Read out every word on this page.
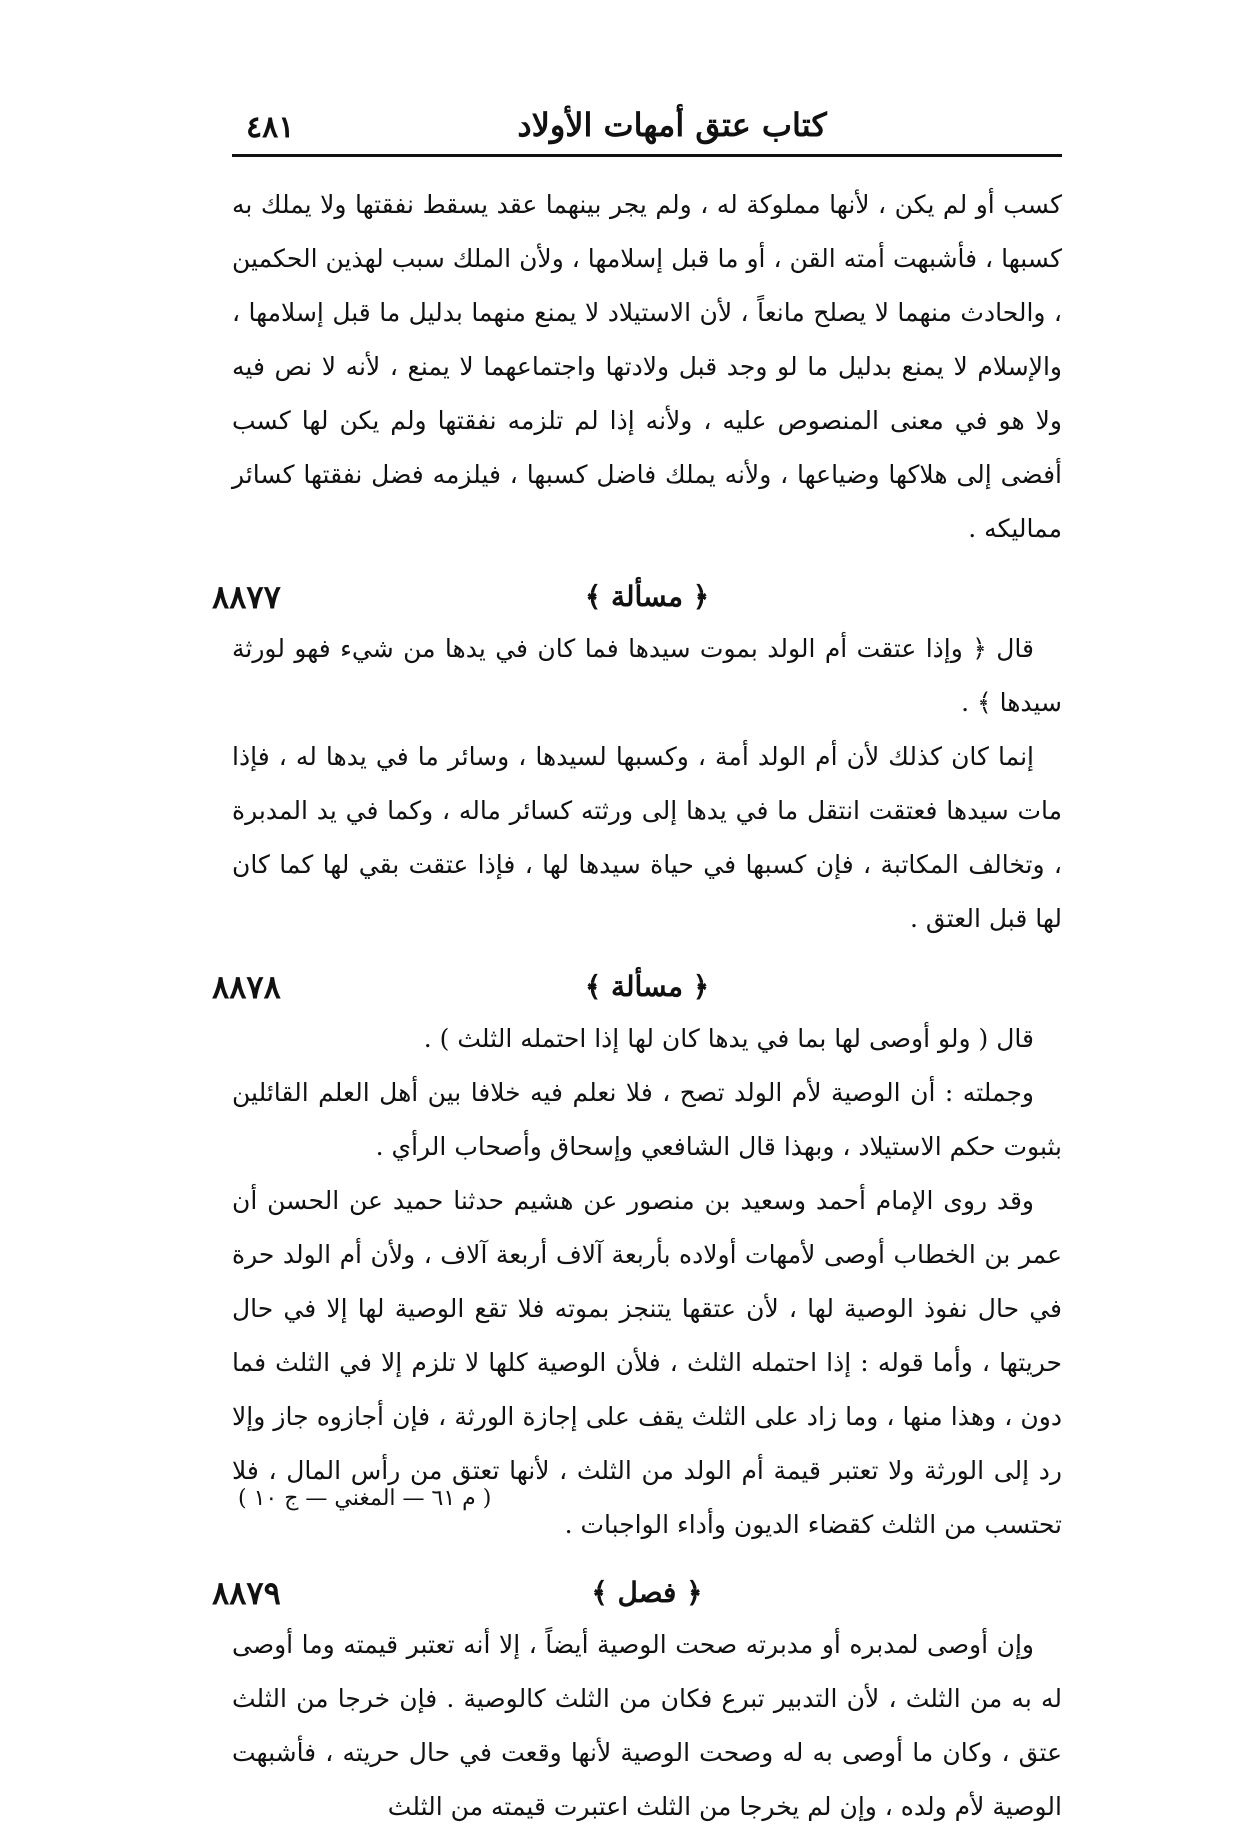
٤٨١	كتاب عتق أمهات الأولاد

كسب أو لم يكن ، لأنها مملوكة له ، ولم يجر بينهما عقد يسقط نفقتها ولا يملك به كسبها ، فأشبهت أمته القن ، أو ما قبل إسلامها ، ولأن الملك سبب لهذين الحكمين ، والحادث منهما لا يصلح مانعاً ، لأن الاستيلاد لا يمنع منهما بدليل ما قبل إسلامها ، والإسلام لا يمنع بدليل ما لو وجد قبل ولادتها واجتماعهما لا يمنع ، لأنه لا نص فيه ولا هو في معنى المنصوص عليه ، ولأنه إذا لم تلزمه نفقتها ولم يكن لها كسب أفضى إلى هلاكها وضياعها ، ولأنه يملك فاضل كسبها ، فيلزمه فضل نفقتها كسائر مماليكه .

٨٨٧٧	﴿ مسألة ﴾

قال ﴿ وإذا عتقت أم الولد بموت سيدها فما كان في يدها من شيء فهو لورثة سيدها ﴾ .

إنما كان كذلك لأن أم الولد أمة ، وكسبها لسيدها ، وسائر ما في يدها له ، فإذا مات سيدها فعتقت انتقل ما في يدها إلى ورثته كسائر ماله ، وكما في يد المدبرة ، وتخالف المكاتبة ، فإن كسبها في حياة سيدها لها ، فإذا عتقت بقي لها كما كان لها قبل العتق .

٨٨٧٨	﴿ مسألة ﴾

قال ( ولو أوصى لها بما في يدها كان لها إذا احتمله الثلث ) .

وجملته : أن الوصية لأم الولد تصح ، فلا نعلم فيه خلافا بين أهل العلم القائلين بثبوت حكم الاستيلاد ، وبهذا قال الشافعي وإسحاق وأصحاب الرأي .

وقد روى الإمام أحمد وسعيد بن منصور عن هشيم حدثنا حميد عن الحسن أن عمر بن الخطاب أوصى لأمهات أولاده بأربعة آلاف أربعة آلاف ، ولأن أم الولد حرة في حال نفوذ الوصية لها ، لأن عتقها يتنجز بموته فلا تقع الوصية لها إلا في حال حريتها ، وأما قوله : إذا احتمله الثلث ، فلأن الوصية كلها لا تلزم إلا في الثلث فما دون ، وهذا منها ، وما زاد على الثلث يقف على إجازة الورثة ، فإن أجازوه جاز وإلا رد إلى الورثة ولا تعتبر قيمة أم الولد من الثلث ، لأنها تعتق من رأس المال ، فلا تحتسب من الثلث كقضاء الديون وأداء الواجبات .

٨٨٧٩	﴿ فصل ﴾

وإن أوصى لمدبره أو مدبرته صحت الوصية أيضاً ، إلا أنه تعتبر قيمته وما أوصى له به من الثلث ، لأن التدبير تبرع فكان من الثلث كالوصية . فإن خرجا من الثلث عتق ، وكان ما أوصى به له وصحت الوصية لأنها وقعت في حال حريته ، فأشبهت الوصية لأم ولده ، وإن لم يخرجا من الثلث اعتبرت قيمته من الثلث

( م ٦١ — المغني — ج ١٠ )
